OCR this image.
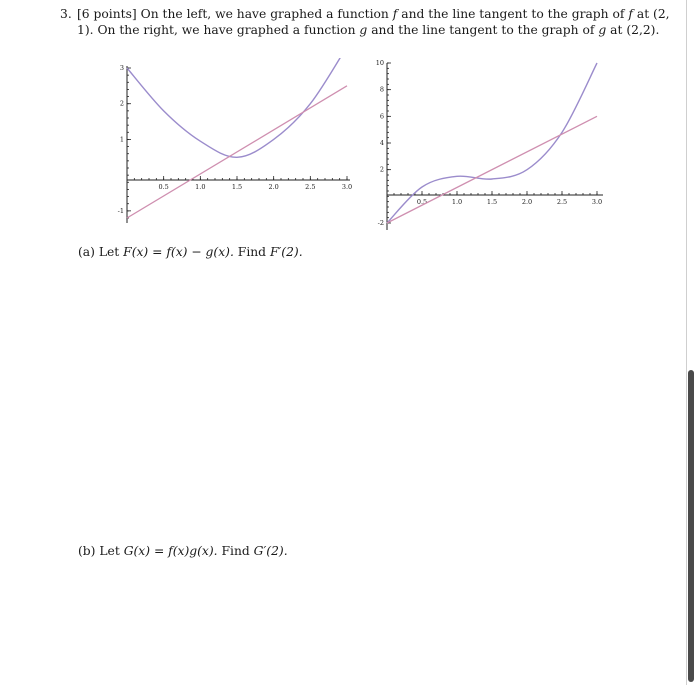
3. [6 points] On the left, we have graphed a function f and the line tangent to the graph of f at (2, 1). On the right, we have graphed a function g and the line tangent to the graph of g at (2,2).
0.5	1.0	1.5	2.0	2.5	3.0
3
2
1
-1
0.5	1.0	1.5	2.0	2.5	3.0
10
8
6
4
2
-2
(a) Let F(x) = f(x) − g(x). Find F′(2).
(b) Let G(x) = f(x)g(x). Find G′(2).
